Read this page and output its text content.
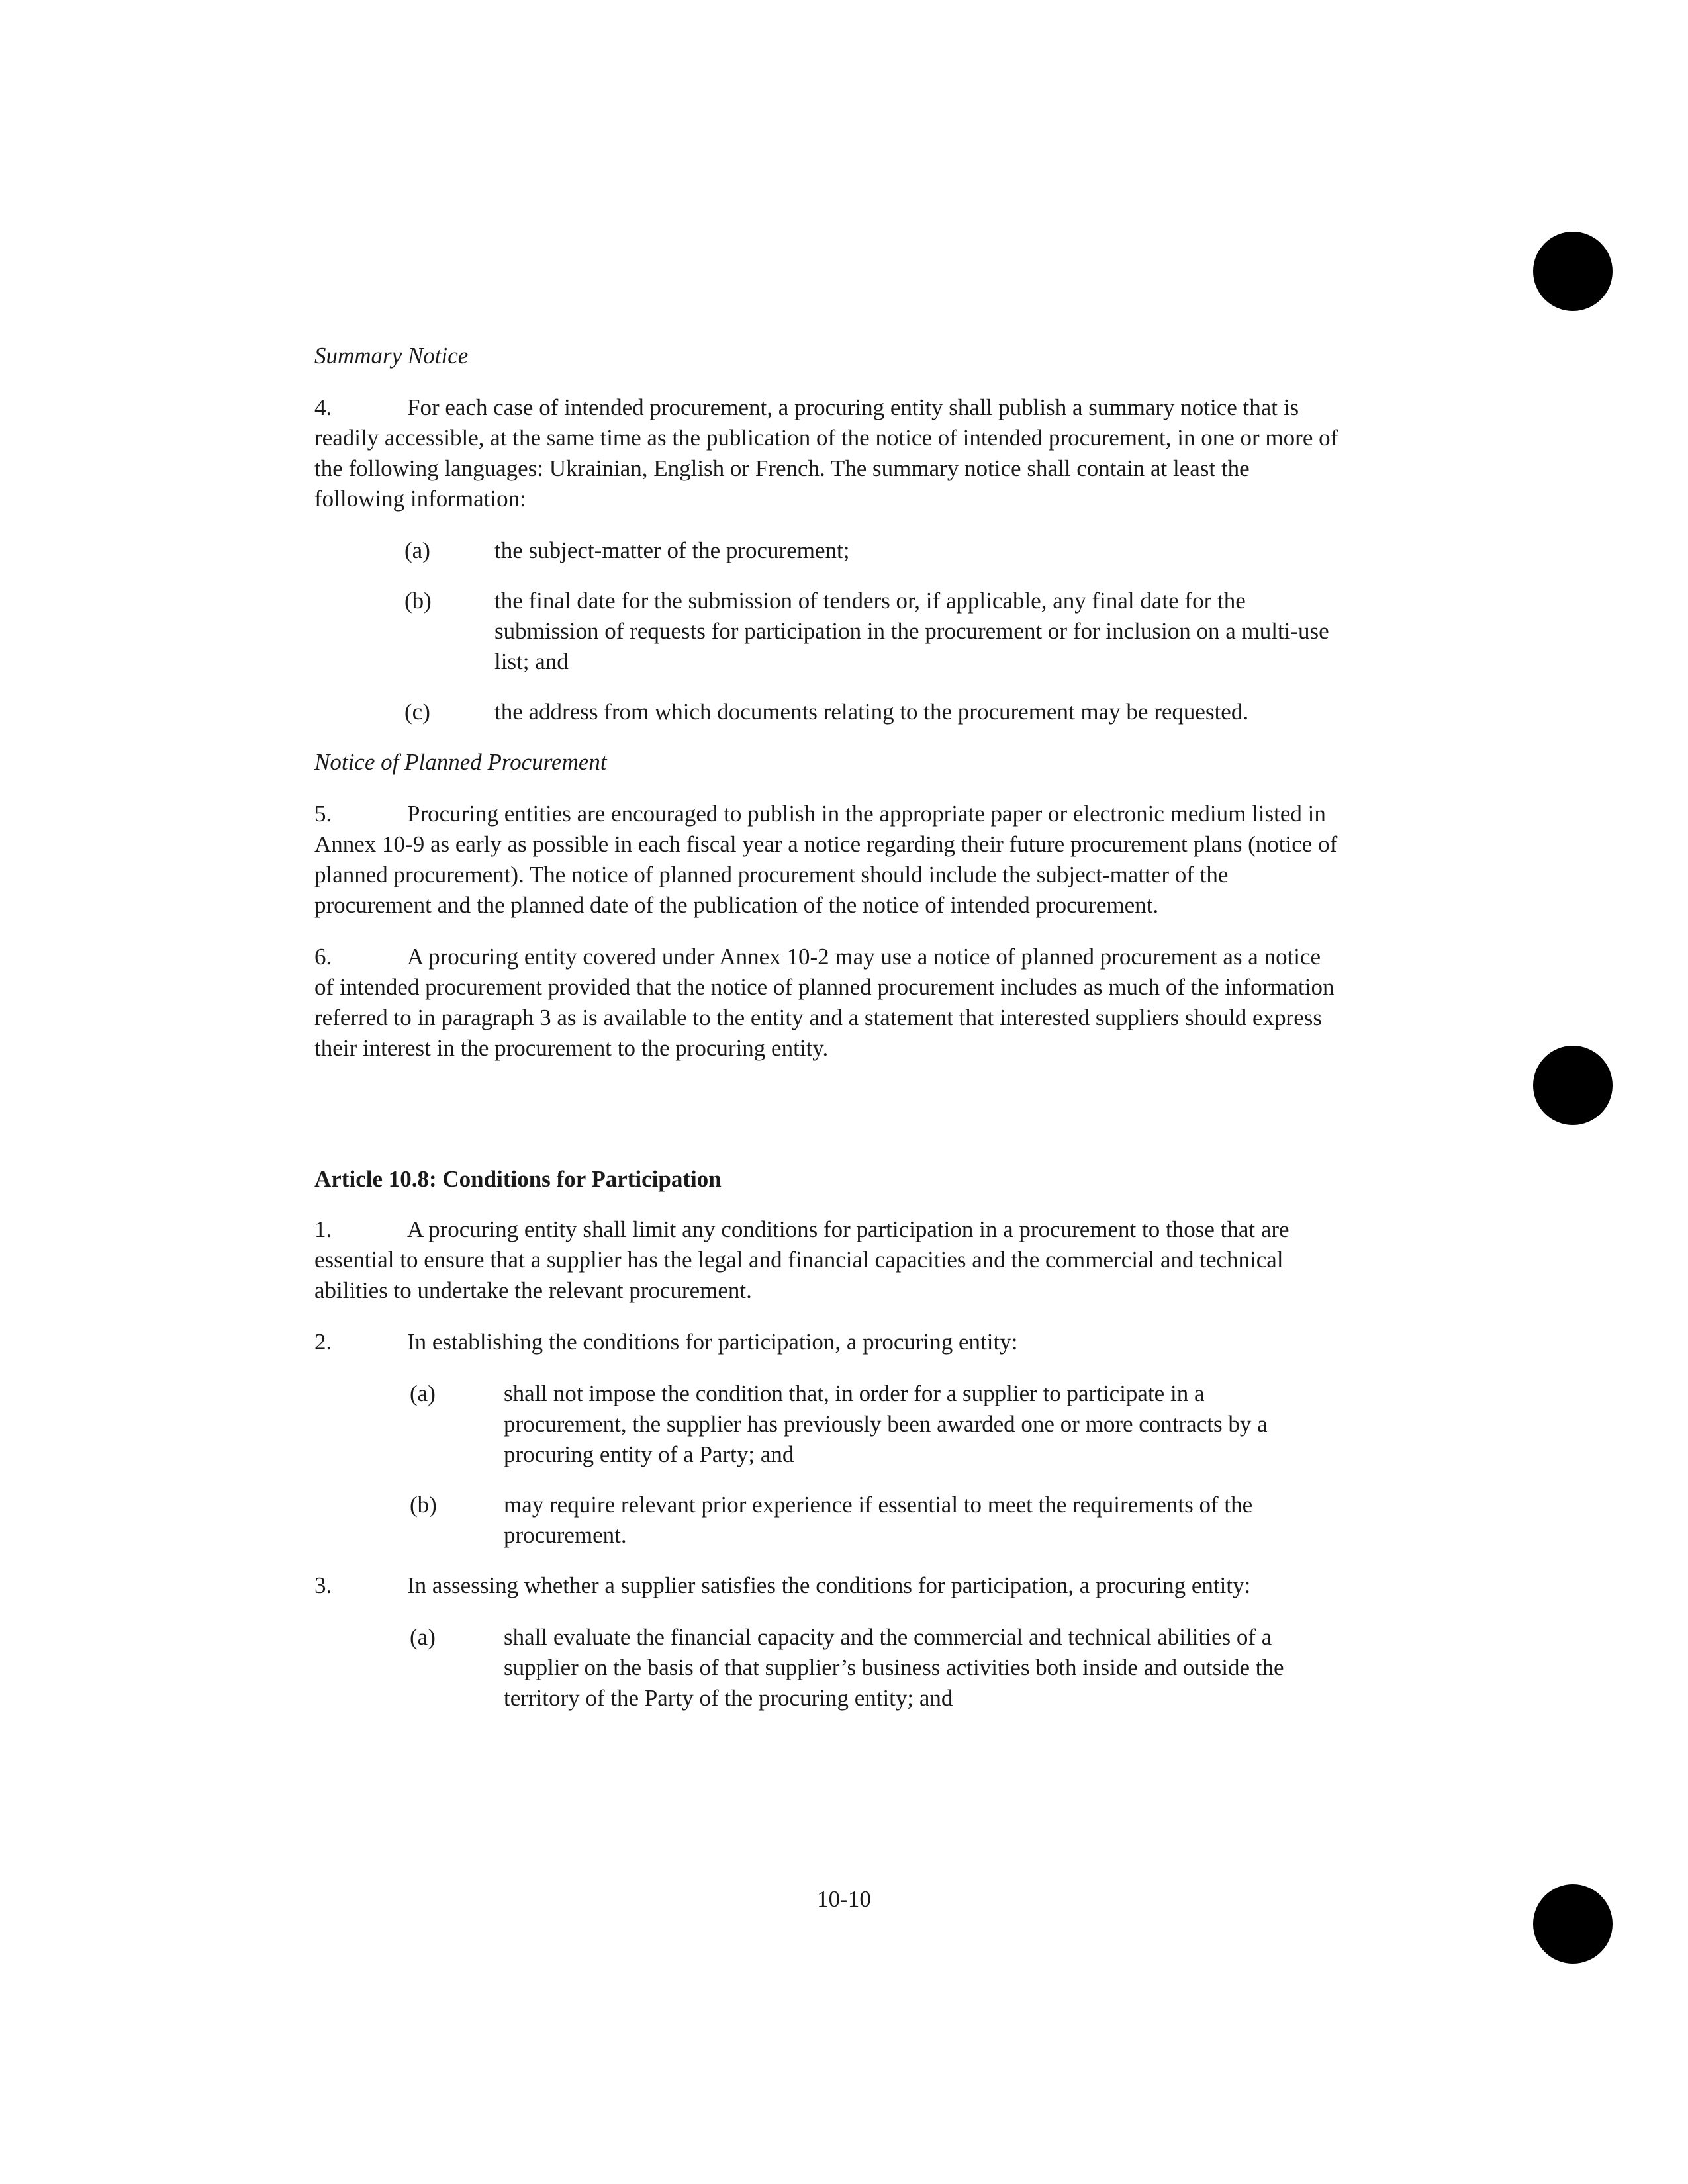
Summary Notice
4.	For each case of intended procurement, a procuring entity shall publish a summary notice that is readily accessible, at the same time as the publication of the notice of intended procurement, in one or more of the following languages: Ukrainian, English or French. The summary notice shall contain at least the following information:
(a)	the subject-matter of the procurement;
(b)	the final date for the submission of tenders or, if applicable, any final date for the submission of requests for participation in the procurement or for inclusion on a multi-use list; and
(c)	the address from which documents relating to the procurement may be requested.
Notice of Planned Procurement
5.	Procuring entities are encouraged to publish in the appropriate paper or electronic medium listed in Annex 10-9 as early as possible in each fiscal year a notice regarding their future procurement plans (notice of planned procurement). The notice of planned procurement should include the subject-matter of the procurement and the planned date of the publication of the notice of intended procurement.
6.	A procuring entity covered under Annex 10-2 may use a notice of planned procurement as a notice of intended procurement provided that the notice of planned procurement includes as much of the information referred to in paragraph 3 as is available to the entity and a statement that interested suppliers should express their interest in the procurement to the procuring entity.
Article 10.8: Conditions for Participation
1.	A procuring entity shall limit any conditions for participation in a procurement to those that are essential to ensure that a supplier has the legal and financial capacities and the commercial and technical abilities to undertake the relevant procurement.
2.	In establishing the conditions for participation, a procuring entity:
(a)	shall not impose the condition that, in order for a supplier to participate in a procurement, the supplier has previously been awarded one or more contracts by a procuring entity of a Party; and
(b)	may require relevant prior experience if essential to meet the requirements of the procurement.
3.	In assessing whether a supplier satisfies the conditions for participation, a procuring entity:
(a)	shall evaluate the financial capacity and the commercial and technical abilities of a supplier on the basis of that supplier’s business activities both inside and outside the territory of the Party of the procuring entity; and
10-10
